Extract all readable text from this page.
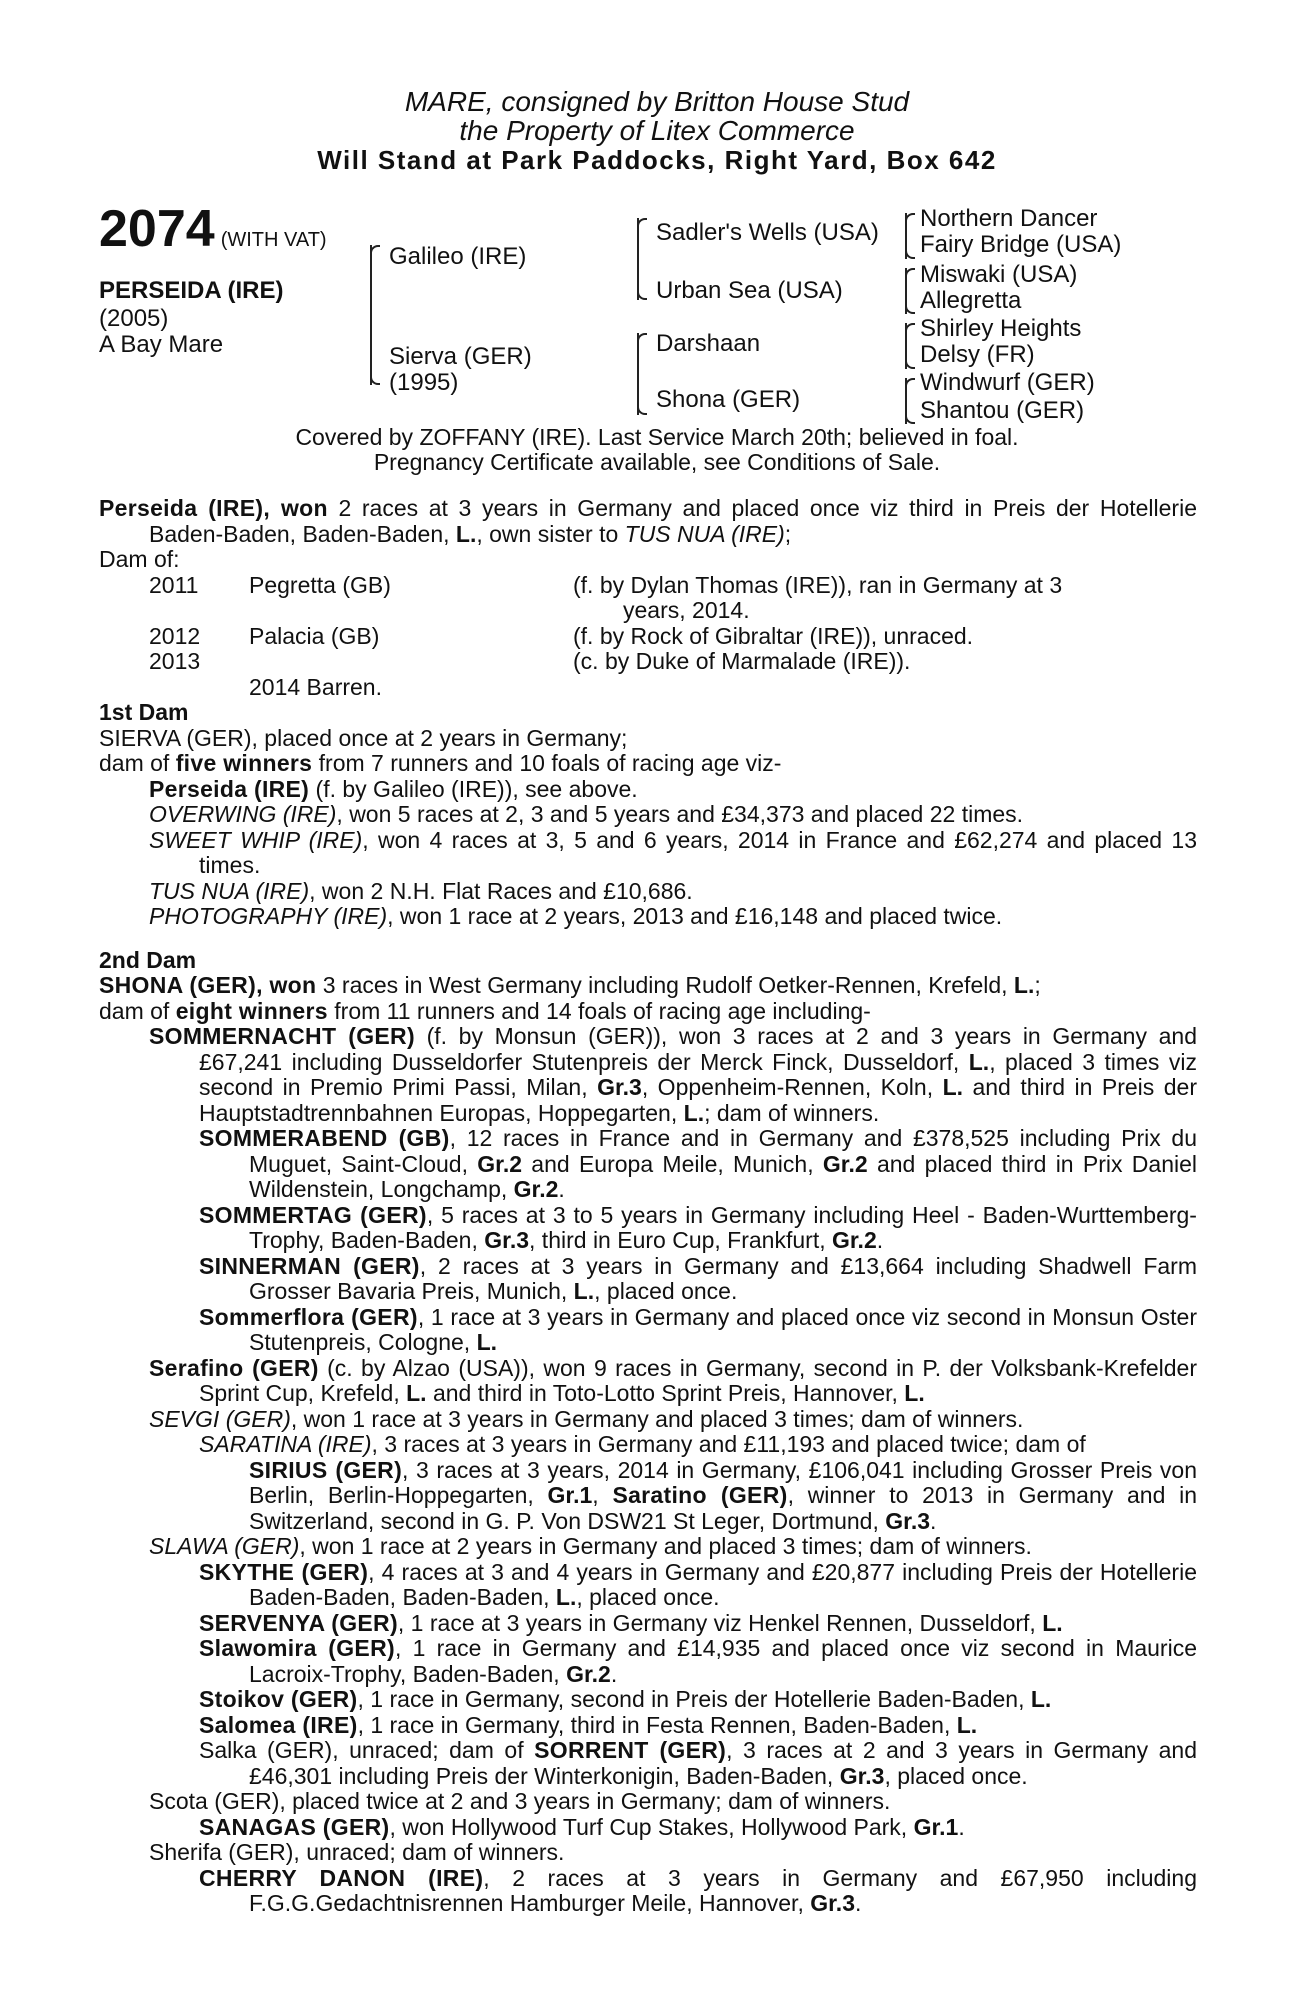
MARE, consigned by Britton House Stud
the Property of Litex Commerce
Will Stand at Park Paddocks, Right Yard, Box 642
2074 (WITH VAT)
PERSEIDA (IRE)
(2005)
A Bay Mare
Galileo (IRE)
Sierva (GER)
(1995)
Sadler's Wells (USA)
Urban Sea (USA)
Darshaan
Shona (GER)
Northern Dancer
Fairy Bridge (USA)
Miswaki (USA)
Allegretta
Shirley Heights
Delsy (FR)
Windwurf (GER)
Shantou (GER)
Covered by ZOFFANY (IRE). Last Service March 20th; believed in foal.
Pregnancy Certificate available, see Conditions of Sale.

Perseida (IRE), won 2 races at 3 years in Germany and placed once viz third in Preis der Hotellerie Baden-Baden, Baden-Baden, L., own sister to TUS NUA (IRE);

Dam of:

2011 Pegretta (GB)	(f. by Dylan Thomas (IRE)), ran in Germany at 3
years, 2014.
2012 Palacia (GB)	(f. by Rock of Gibraltar (IRE)), unraced.
2013	(c. by Duke of Marmalade (IRE)).
2014 Barren.

1st Dam

SIERVA (GER), placed once at 2 years in Germany;

dam of five winners from 7 runners and 10 foals of racing age viz-

Perseida (IRE) (f. by Galileo (IRE)), see above.

OVERWING (IRE), won 5 races at 2, 3 and 5 years and £34,373 and placed 22 times.

SWEET WHIP (IRE), won 4 races at 3, 5 and 6 years, 2014 in France and £62,274 and placed 13 times.

TUS NUA (IRE), won 2 N.H. Flat Races and £10,686.

PHOTOGRAPHY (IRE), won 1 race at 2 years, 2013 and £16,148 and placed twice.

2nd Dam

SHONA (GER), won 3 races in West Germany including Rudolf Oetker-Rennen, Krefeld, L.;

dam of eight winners from 11 runners and 14 foals of racing age including-

SOMMERNACHT (GER) (f. by Monsun (GER)), won 3 races at 2 and 3 years in Germany and £67,241 including Dusseldorfer Stutenpreis der Merck Finck, Dusseldorf, L., placed 3 times viz second in Premio Primi Passi, Milan, Gr.3, Oppenheim-Rennen, Koln, L. and third in Preis der Hauptstadtrennbahnen Europas, Hoppegarten, L.; dam of winners.

SOMMERABEND (GB), 12 races in France and in Germany and £378,525 including Prix du Muguet, Saint-Cloud, Gr.2 and Europa Meile, Munich, Gr.2 and placed third in Prix Daniel Wildenstein, Longchamp, Gr.2.

SOMMERTAG (GER), 5 races at 3 to 5 years in Germany including Heel - Baden-Wurttemberg-Trophy, Baden-Baden, Gr.3, third in Euro Cup, Frankfurt, Gr.2.

SINNERMAN (GER), 2 races at 3 years in Germany and £13,664 including Shadwell Farm Grosser Bavaria Preis, Munich, L., placed once.

Sommerflora (GER), 1 race at 3 years in Germany and placed once viz second in Monsun Oster Stutenpreis, Cologne, L.

Serafino (GER) (c. by Alzao (USA)), won 9 races in Germany, second in P. der Volksbank-Krefelder Sprint Cup, Krefeld, L. and third in Toto-Lotto Sprint Preis, Hannover, L.

SEVGI (GER), won 1 race at 3 years in Germany and placed 3 times; dam of winners.

SARATINA (IRE), 3 races at 3 years in Germany and £11,193 and placed twice; dam of

SIRIUS (GER), 3 races at 3 years, 2014 in Germany, £106,041 including Grosser Preis von Berlin, Berlin-Hoppegarten, Gr.1, Saratino (GER), winner to 2013 in Germany and in Switzerland, second in G. P. Von DSW21 St Leger, Dortmund, Gr.3.

SLAWA (GER), won 1 race at 2 years in Germany and placed 3 times; dam of winners.

SKYTHE (GER), 4 races at 3 and 4 years in Germany and £20,877 including Preis der Hotellerie Baden-Baden, Baden-Baden, L., placed once.

SERVENYA (GER), 1 race at 3 years in Germany viz Henkel Rennen, Dusseldorf, L.

Slawomira (GER), 1 race in Germany and £14,935 and placed once viz second in Maurice Lacroix-Trophy, Baden-Baden, Gr.2.

Stoikov (GER), 1 race in Germany, second in Preis der Hotellerie Baden-Baden, L.

Salomea (IRE), 1 race in Germany, third in Festa Rennen, Baden-Baden, L.

Salka (GER), unraced; dam of SORRENT (GER), 3 races at 2 and 3 years in Germany and £46,301 including Preis der Winterkonigin, Baden-Baden, Gr.3, placed once.

Scota (GER), placed twice at 2 and 3 years in Germany; dam of winners.

SANAGAS (GER), won Hollywood Turf Cup Stakes, Hollywood Park, Gr.1.

Sherifa (GER), unraced; dam of winners.

CHERRY DANON (IRE), 2 races at 3 years in Germany and £67,950 including F.G.G.Gedachtnisrennen Hamburger Meile, Hannover, Gr.3.
